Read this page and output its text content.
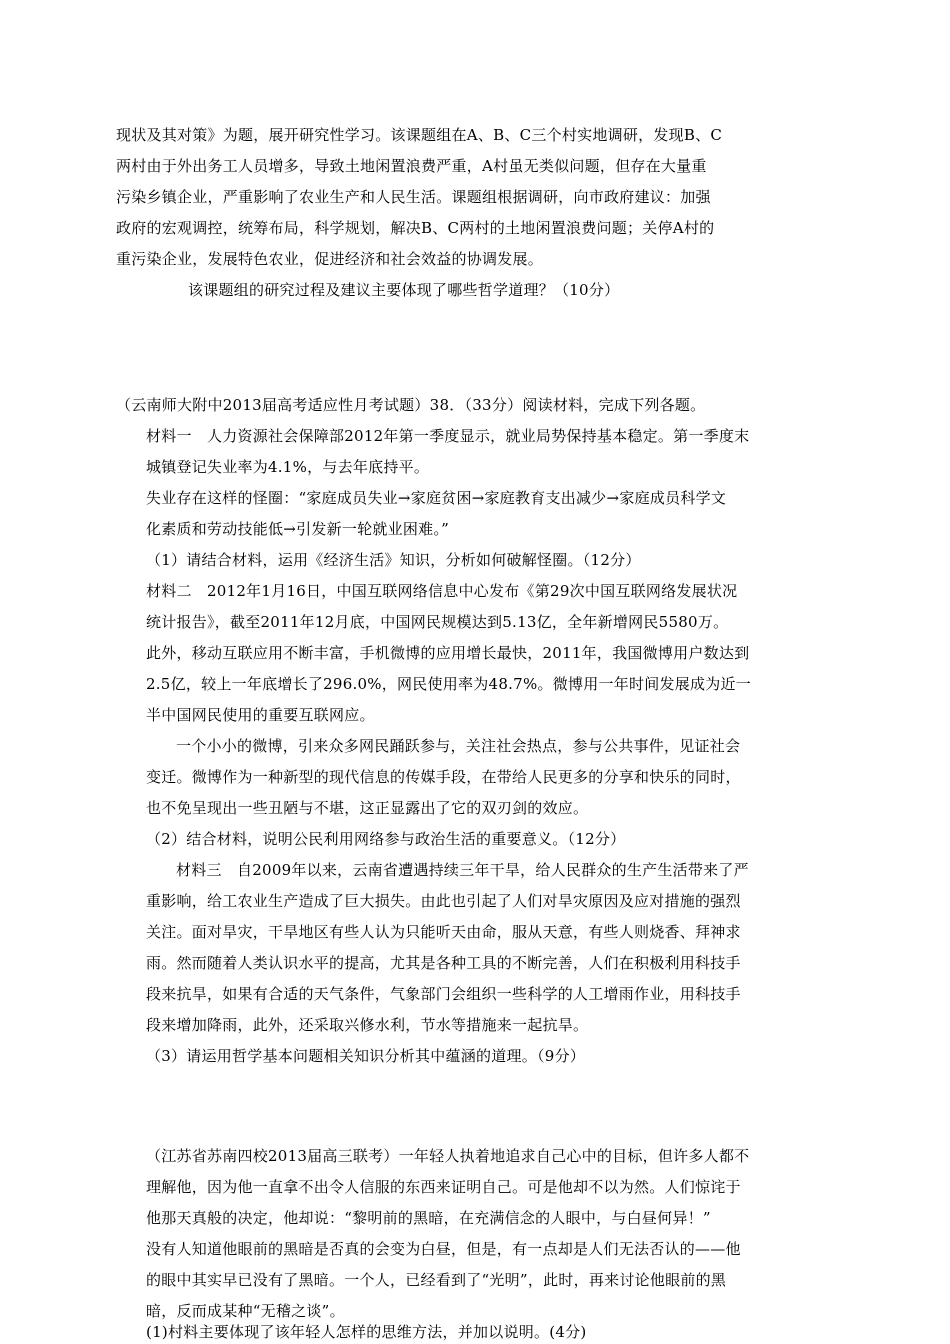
现状及其对策》为题，展开研究性学习。该课题组在A、B、C三个村实地调研，发现B、C
两村由于外出务工人员增多，导致土地闲置浪费严重，A村虽无类似问题，但存在大量重
污染乡镇企业，严重影响了农业生产和人民生活。课题组根据调研，向市政府建议：加强
政府的宏观调控，统筹布局，科学规划，解决B、C两村的土地闲置浪费问题；关停A村的
重污染企业，发展特色农业，促进经济和社会效益的协调发展。
该课题组的研究过程及建议主要体现了哪些哲学道理？（10分）
（云南师大附中2013届高考适应性月考试题）38．（33分）阅读材料，完成下列各题。
材料一　人力资源社会保障部2012年第一季度显示，就业局势保持基本稳定。第一季度末
城镇登记失业率为4.1%，与去年底持平。
失业存在这样的怪圈：“家庭成员失业→家庭贫困→家庭教育支出减少→家庭成员科学文
化素质和劳动技能低→引发新一轮就业困难。”
（1）请结合材料，运用《经济生活》知识，分析如何破解怪圈。（12分）
材料二　2012年1月16日，中国互联网络信息中心发布《第29次中国互联网络发展状况
统计报告》，截至2011年12月底，中国网民规模达到5.13亿，全年新增网民5580万。
此外，移动互联应用不断丰富，手机微博的应用增长最快，2011年，我国微博用户数达到
2.5亿，较上一年底增长了296.0%，网民使用率为48.7%。微博用一年时间发展成为近一
半中国网民使用的重要互联网应。
一个小小的微博，引来众多网民踊跃参与，关注社会热点，参与公共事件，见证社会
变迁。微博作为一种新型的现代信息的传媒手段，在带给人民更多的分享和快乐的同时，
也不免呈现出一些丑陋与不堪，这正显露出了它的双刃剑的效应。
（2）结合材料，说明公民利用网络参与政治生活的重要意义。（12分）
材料三　自2009年以来，云南省遭遇持续三年干旱，给人民群众的生产生活带来了严
重影响，给工农业生产造成了巨大损失。由此也引起了人们对旱灾原因及应对措施的强烈
关注。面对旱灾，干旱地区有些人认为只能听天由命，服从天意，有些人则烧香、拜神求
雨。然而随着人类认识水平的提高，尤其是各种工具的不断完善，人们在积极利用科技手
段来抗旱，如果有合适的天气条件，气象部门会组织一些科学的人工增雨作业，用科技手
段来增加降雨，此外，还采取兴修水利，节水等措施来一起抗旱。
（3）请运用哲学基本问题相关知识分析其中蕴涵的道理。（9分）
（江苏省苏南四校2013届高三联考）一年轻人执着地追求自己心中的目标，但许多人都不
理解他，因为他一直拿不出令人信服的东西来证明自己。可是他却不以为然。人们惊诧于
他那天真般的决定，他却说：“黎明前的黑暗，在充满信念的人眼中，与白昼何异！”
没有人知道他眼前的黑暗是否真的会变为白昼，但是，有一点却是人们无法否认的——他
的眼中其实早已没有了黑暗。一个人，已经看到了“光明”，此时，再来讨论他眼前的黑
暗，反而成某种“无稽之谈”。
(1)村料主要体现了该年轻人怎样的思维方法，并加以说明。(4分)
